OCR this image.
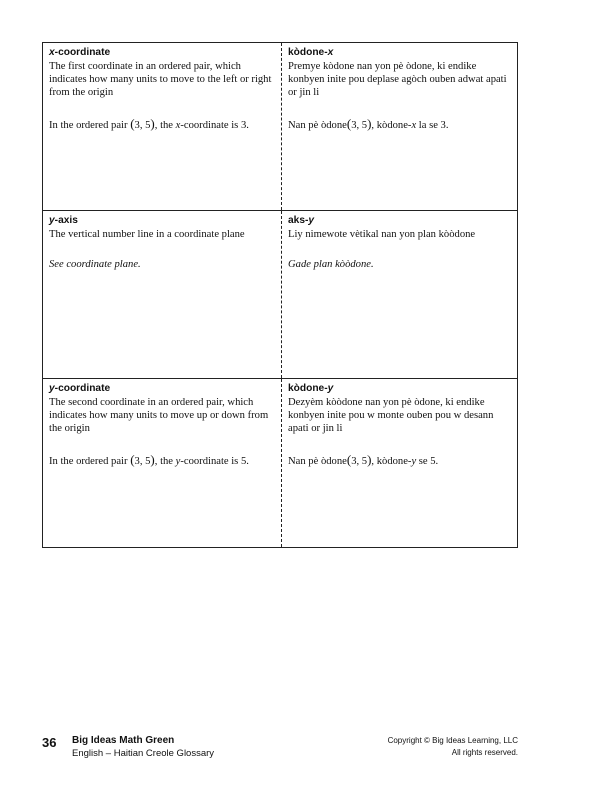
x-coordinate

The first coordinate in an ordered pair, which indicates how many units to move to the left or right from the origin

In the ordered pair (3, 5), the x-coordinate is 3.

kòdone-x

Premye kòdone nan yon pè òdone, ki endike konbyen inite pou deplase agòch ouben adwat apati or jin li

Nan pè òdone(3, 5), kòdone-x la se 3.

y-axis

The vertical number line in a coordinate plane

See coordinate plane.

aks-y

Liy nimewote vètikal nan yon plan kòòdone

Gade plan kòòdone.

y-coordinate

The second coordinate in an ordered pair, which indicates how many units to move up or down from the origin

In the ordered pair (3, 5), the y-coordinate is 5.

kòdone-y

Dezyèm kòòdone nan yon pè òdone, ki endike konbyen inite pou w monte ouben pou w desann apati or jin li

Nan pè òdone(3, 5), kòdone-y se 5.

36 Big Ideas Math Green
English – Haitian Creole Glossary
Copyright © Big Ideas Learning, LLC
All rights reserved.
